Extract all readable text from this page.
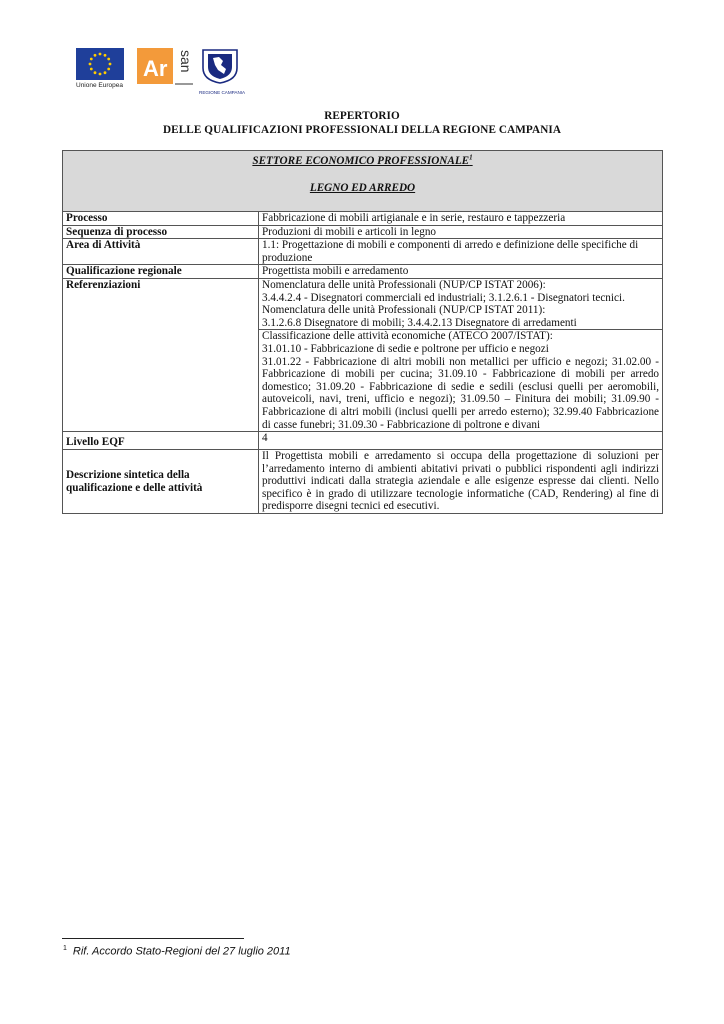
Unione Europea
Ar san
REGIONE CAMPANIA
REPERTORIO
DELLE QUALIFICAZIONI PROFESSIONALI DELLA REGIONE CAMPANIA
SETTORE ECONOMICO PROFESSIONALE$^1$
LEGNO ED ARREDO	

Processo	Fabbricazione di mobili artigianale e in serie, restauro e tappezzeria
Sequenza di processo	Produzioni di mobili e articoli in legno
Area di Attività	1.1: Progettazione di mobili e componenti di arredo e definizione delle specifiche di produzione
Qualificazione regionale	Progettista mobili e arredamento
Referenziazioni	Nomenclatura delle unità Professionali (NUP/CP ISTAT 2006):
3.4.4.2.4 - Disegnatori commerciali ed industriali; 3.1.2.6.1 - Disegnatori tecnici.
Nomenclatura delle unità Professionali (NUP/CP ISTAT 2011):
3.1.2.6.8 Disegnatore di mobili; 3.4.4.2.13 Disegnatore di arredamenti

	Classificazione delle attività economiche (ATECO 2007/ISTAT):
31.01.10 - Fabbricazione di sedie e poltrone per ufficio e negozi
31.01.22 - Fabbricazione di altri mobili non metallici per ufficio e negozi; 31.02.00 - Fabbricazione di mobili per cucina; 31.09.10 - Fabbricazione di mobili per arredo domestico; 31.09.20 - Fabbricazione di sedie e sedili (esclusi quelli per aeromobili, autoveicoli, navi, treni, ufficio e negozi); 31.09.50 – Finitura dei mobili; 31.09.90 - Fabbricazione di altri mobili (inclusi quelli per arredo esterno); 32.99.40 Fabbricazione di casse funebri; 31.09.30 - Fabbricazione di poltrone e divani

Livello EQF	4
Descrizione sintetica della qualificazione e delle attività	Il Progettista mobili e arredamento si occupa della progettazione di soluzioni per l’arredamento interno di ambienti abitativi privati o pubblici rispondenti agli indirizzi produttivi indicati dalla strategia aziendale e alle esigenze espresse dai clienti. Nello specifico è in grado di utilizzare tecnologie informatiche (CAD, Rendering) al fine di predisporre disegni tecnici ed esecutivi.
$^1$ Rif. Accordo Stato-Regioni del 27 luglio 2011
